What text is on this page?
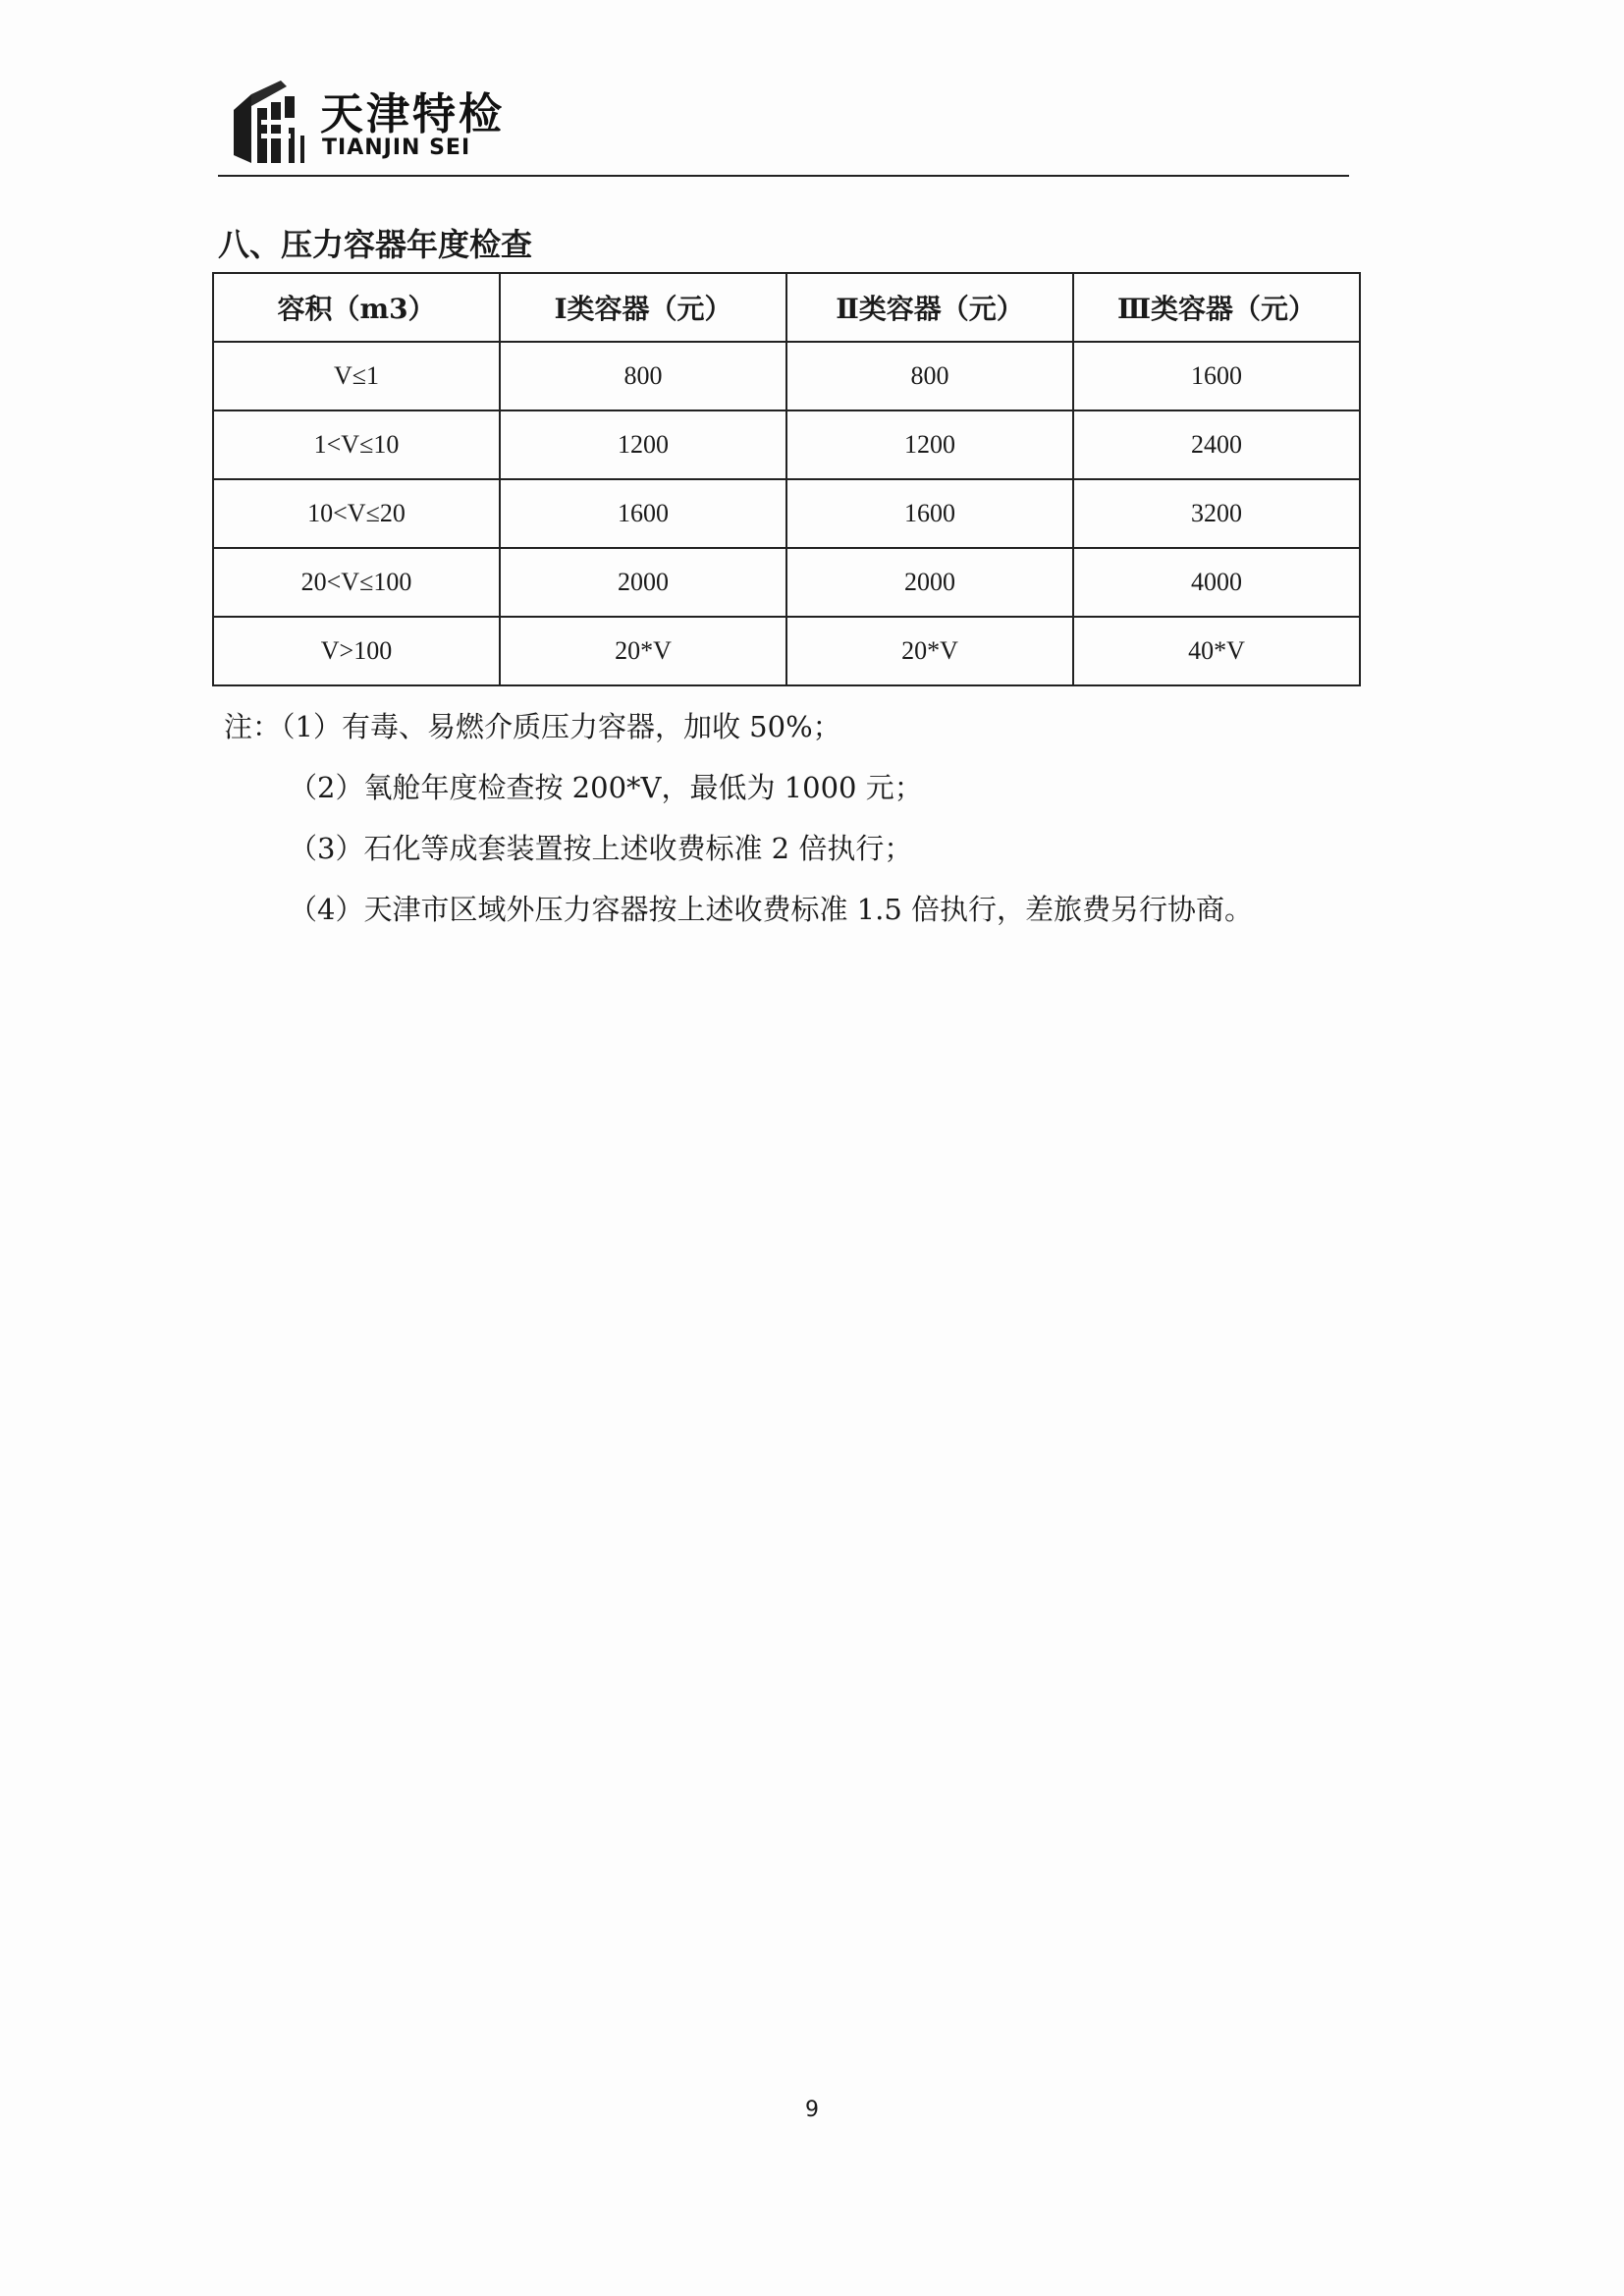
天津特检
TIANJIN SEI
八、压力容器年度检查
容积（m3）	Ⅰ类容器（元）	Ⅱ类容器（元）	Ⅲ类容器（元）
V≤1	800	800	1600
1<V≤10	1200	1200	2400
10<V≤20	1600	1600	3200
20<V≤100	2000	2000	4000
V>100	20*V	20*V	40*V
注：（1）有毒、易燃介质压力容器，加收 50%；
（2）氧舱年度检查按 200*V，最低为 1000 元；
（3）石化等成套装置按上述收费标准 2 倍执行；
（4）天津市区域外压力容器按上述收费标准 1.5 倍执行，差旅费另行协商。
9
